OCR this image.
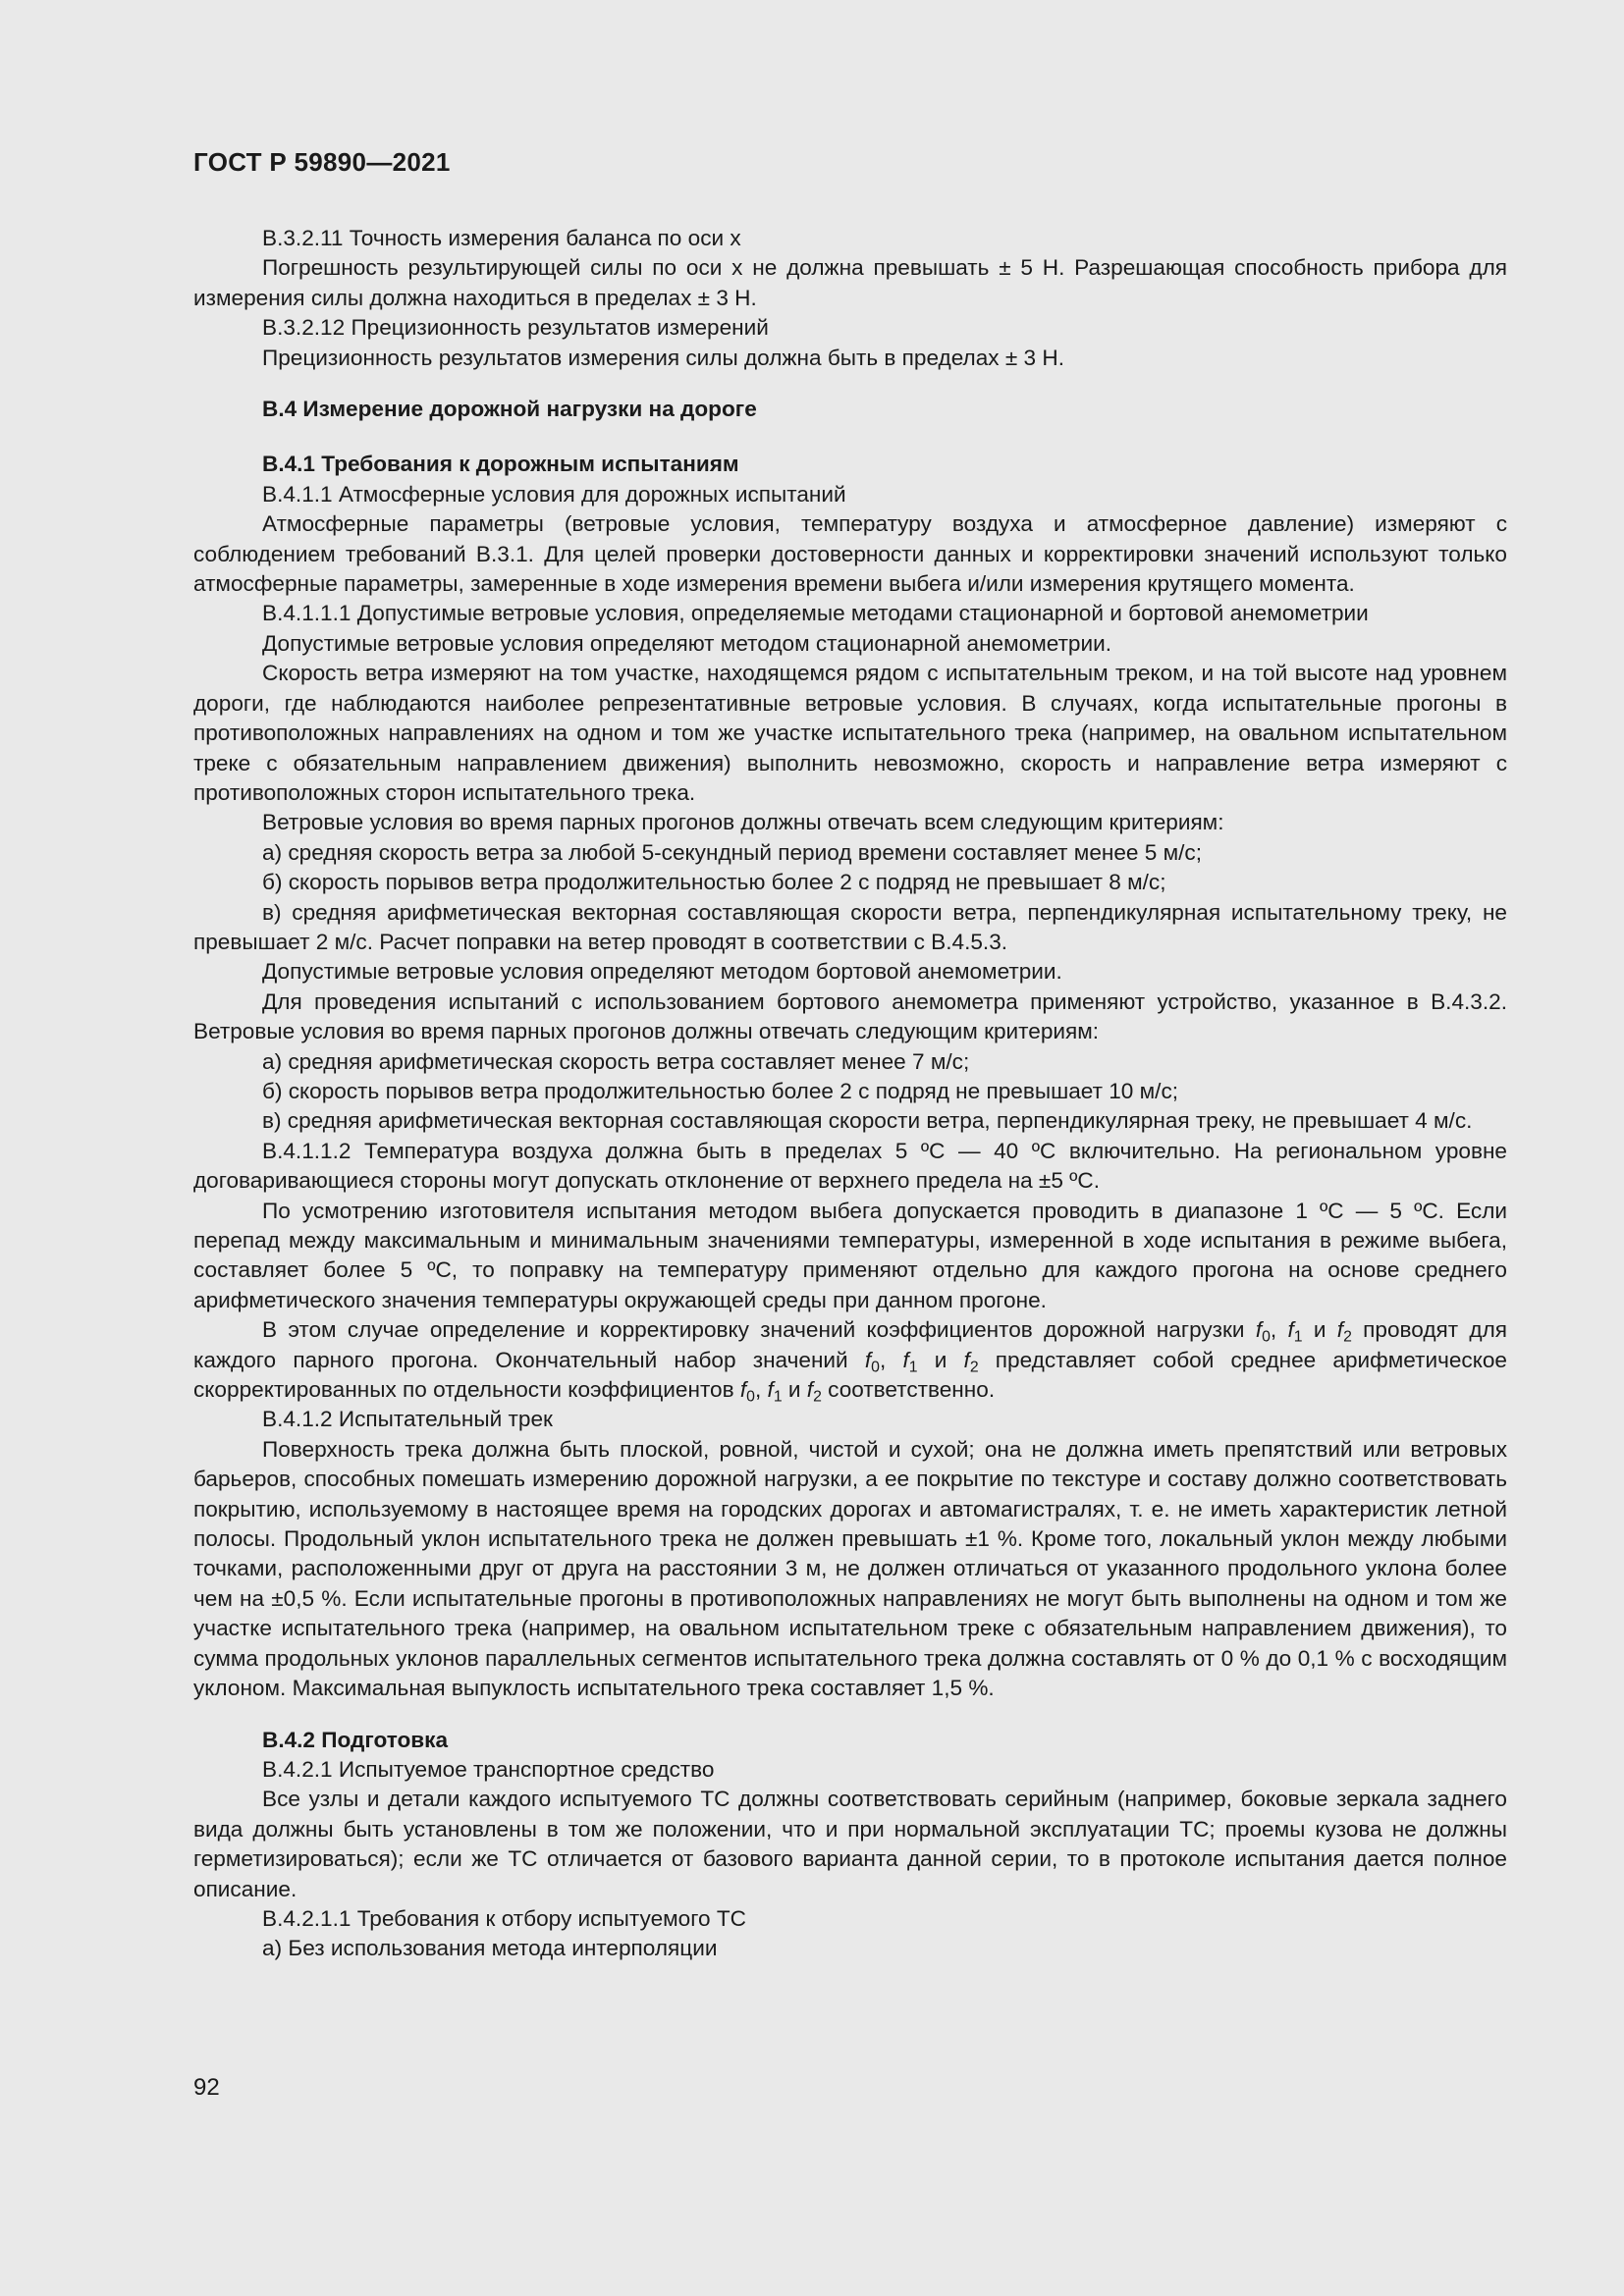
ГОСТ Р 59890—2021

В.3.2.11 Точность измерения баланса по оси x

Погрешность результирующей силы по оси x не должна превышать ± 5 Н. Разрешающая способность прибора для измерения силы должна находиться в пределах ± 3 Н.

В.3.2.12 Прецизионность результатов измерений

Прецизионность результатов измерения силы должна быть в пределах ± 3 Н.

В.4 Измерение дорожной нагрузки на дороге

В.4.1 Требования к дорожным испытаниям

В.4.1.1 Атмосферные условия для дорожных испытаний

Атмосферные параметры (ветровые условия, температуру воздуха и атмосферное давление) измеряют с соблюдением требований В.3.1. Для целей проверки достоверности данных и корректировки значений используют только атмосферные параметры, замеренные в ходе измерения времени выбега и/или измерения крутящего момента.

В.4.1.1.1 Допустимые ветровые условия, определяемые методами стационарной и бортовой анемометрии

Допустимые ветровые условия определяют методом стационарной анемометрии.

Скорость ветра измеряют на том участке, находящемся рядом с испытательным треком, и на той высоте над уровнем дороги, где наблюдаются наиболее репрезентативные ветровые условия. В случаях, когда испытательные прогоны в противоположных направлениях на одном и том же участке испытательного трека (например, на овальном испытательном треке с обязательным направлением движения) выполнить невозможно, скорость и направление ветра измеряют с противоположных сторон испытательного трека.

Ветровые условия во время парных прогонов должны отвечать всем следующим критериям:

а) средняя скорость ветра за любой 5-секундный период времени составляет менее 5 м/с;

б) скорость порывов ветра продолжительностью более 2 с подряд не превышает 8 м/с;

в) средняя арифметическая векторная составляющая скорости ветра, перпендикулярная испытательному треку, не превышает 2 м/с. Расчет поправки на ветер проводят в соответствии с В.4.5.3.

Допустимые ветровые условия определяют методом бортовой анемометрии.

Для проведения испытаний с использованием бортового анемометра применяют устройство, указанное в В.4.3.2. Ветровые условия во время парных прогонов должны отвечать следующим критериям:

а) средняя арифметическая скорость ветра составляет менее 7 м/с;

б) скорость порывов ветра продолжительностью более 2 с подряд не превышает 10 м/с;

в) средняя арифметическая векторная составляющая скорости ветра, перпендикулярная треку, не превышает 4 м/с.

В.4.1.1.2 Температура воздуха должна быть в пределах 5 ºС — 40 ºС включительно. На региональном уровне договаривающиеся стороны могут допускать отклонение от верхнего предела на ±5 ºС.

По усмотрению изготовителя испытания методом выбега допускается проводить в диапазоне 1 ºС — 5 ºС. Если перепад между максимальным и минимальным значениями температуры, измеренной в ходе испытания в режиме выбега, составляет более 5 ºС, то поправку на температуру применяют отдельно для каждого прогона на основе среднего арифметического значения температуры окружающей среды при данном прогоне.

В этом случае определение и корректировку значений коэффициентов дорожной нагрузки $f_0$, $f_1$ и $f_2$ проводят для каждого парного прогона. Окончательный набор значений $f_0$, $f_1$ и $f_2$ представляет собой среднее арифметическое скорректированных по отдельности коэффициентов $f_0$, $f_1$ и $f_2$ соответственно.

В.4.1.2 Испытательный трек

Поверхность трека должна быть плоской, ровной, чистой и сухой; она не должна иметь препятствий или ветровых барьеров, способных помешать измерению дорожной нагрузки, а ее покрытие по текстуре и составу должно соответствовать покрытию, используемому в настоящее время на городских дорогах и автомагистралях, т. е. не иметь характеристик летной полосы. Продольный уклон испытательного трека не должен превышать ±1 %. Кроме того, локальный уклон между любыми точками, расположенными друг от друга на расстоянии 3 м, не должен отличаться от указанного продольного уклона более чем на ±0,5 %. Если испытательные прогоны в противоположных направлениях не могут быть выполнены на одном и том же участке испытательного трека (например, на овальном испытательном треке с обязательным направлением движения), то сумма продольных уклонов параллельных сегментов испытательного трека должна составлять от 0 % до 0,1 % с восходящим уклоном. Максимальная выпуклость испытательного трека составляет 1,5 %.

В.4.2 Подготовка

В.4.2.1 Испытуемое транспортное средство

Все узлы и детали каждого испытуемого ТС должны соответствовать серийным (например, боковые зеркала заднего вида должны быть установлены в том же положении, что и при нормальной эксплуатации ТС; проемы кузова не должны герметизироваться); если же ТС отличается от базового варианта данной серии, то в протоколе испытания дается полное описание.

В.4.2.1.1 Требования к отбору испытуемого ТС

а) Без использования метода интерполяции

92
